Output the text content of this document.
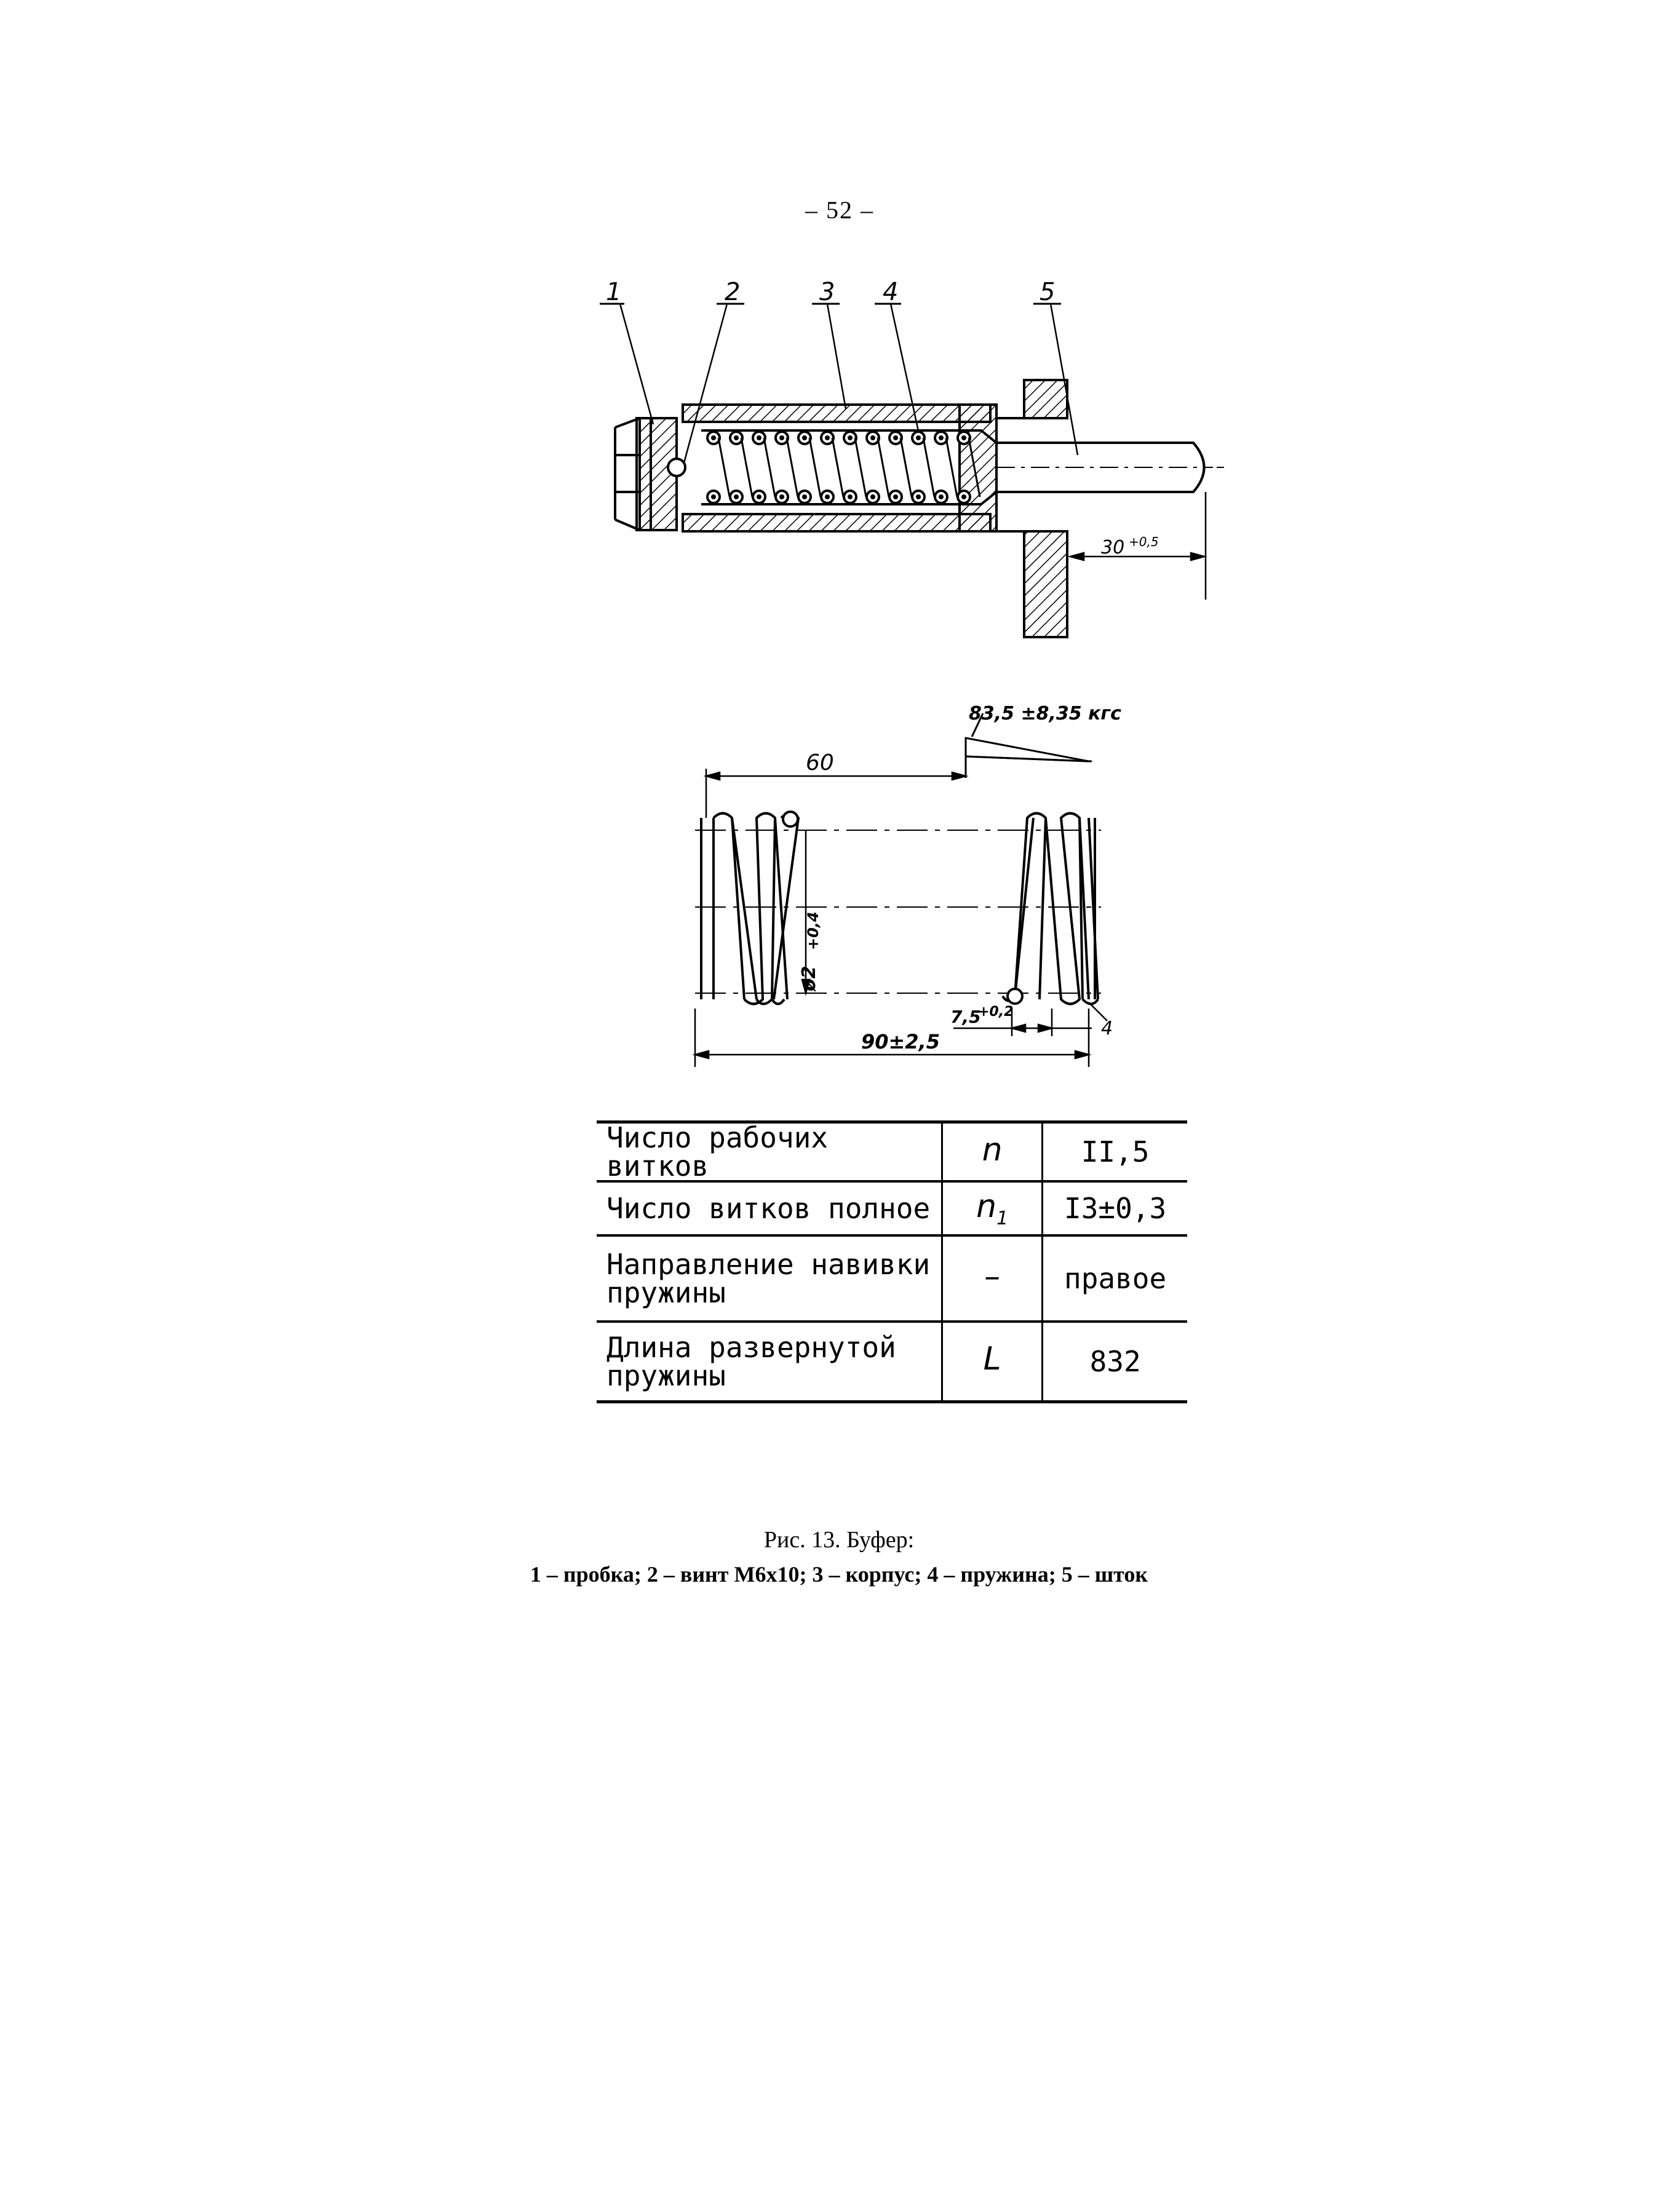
– 52 –
1	2	3 4	5
30 +0,5
83,5 ±8,35 кгс
60
ø2
+0,4
7,5
+0,2
4
90±2,5
Число рабочих витков	n	II,5
Число витков полное	$n_1$	I3±0,3
Направление навивки пружины	–	правое
Длина развернутой пружины	L	832
Рис. 13. Буфер:
1 – пробка; 2 – винт М6х10; 3 – корпус; 4 – пружина; 5 – шток
